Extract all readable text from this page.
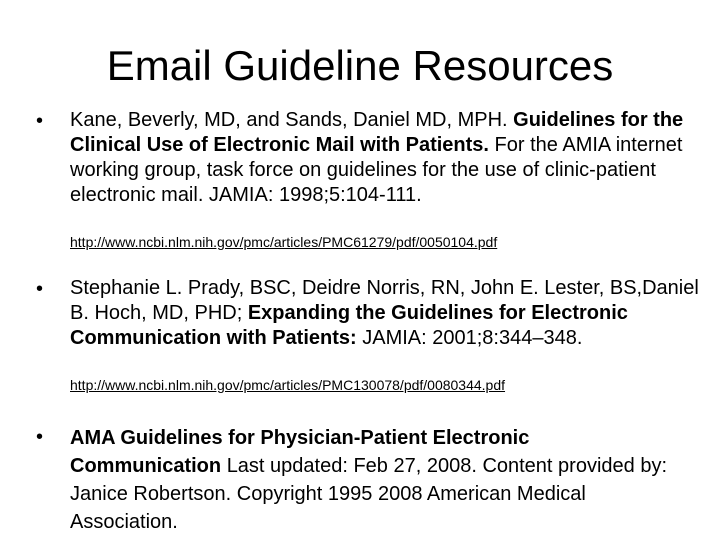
Email Guideline Resources
• Kane, Beverly, MD, and Sands, Daniel MD, MPH. Guidelines for the Clinical Use of Electronic Mail with Patients. For the AMIA internet working group, task force on guidelines for the use of clinic-patient electronic mail. JAMIA: 1998;5:104-111.
http://www.ncbi.nlm.nih.gov/pmc/articles/PMC61279/pdf/0050104.pdf
• Stephanie L. Prady, BSC, Deidre Norris, RN, John E. Lester, BS,Daniel B. Hoch, MD, PHD; Expanding the Guidelines for Electronic Communication with Patients: JAMIA: 2001;8:344–348.
http://www.ncbi.nlm.nih.gov/pmc/articles/PMC130078/pdf/0080344.pdf
• AMA Guidelines for Physician-Patient Electronic Communication Last updated: Feb 27, 2008. Content provided by: Janice Robertson. Copyright 1995 2008 American Medical Association.
